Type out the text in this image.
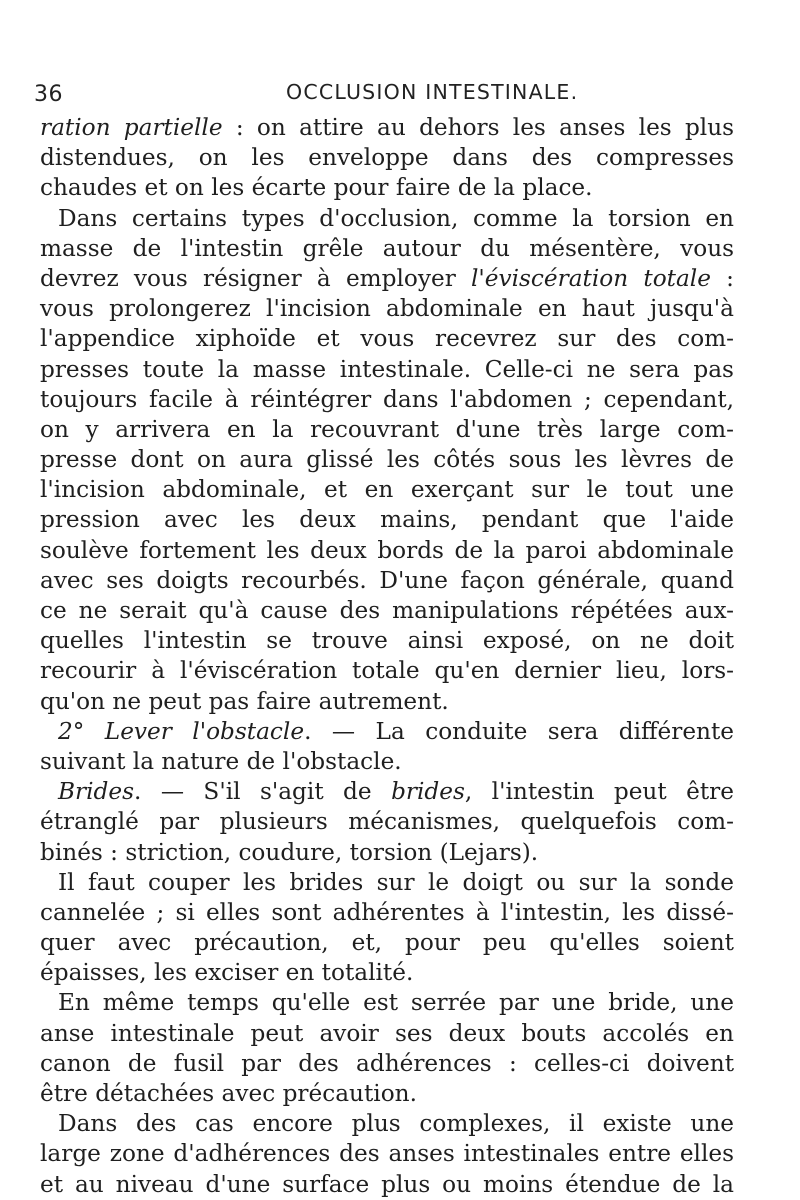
36	OCCLUSION INTESTINALE.
ration partielle : on attire au dehors les anses les plus
distendues, on les enveloppe dans des compresses
chaudes et on les écarte pour faire de la place.
Dans certains types d'occlusion, comme la torsion en
masse de l'intestin grêle autour du mésentère, vous
devrez vous résigner à employer l'éviscération totale :
vous prolongerez l'incision abdominale en haut jusqu'à
l'appendice xiphoïde et vous recevrez sur des com-
presses toute la masse intestinale. Celle-ci ne sera pas
toujours facile à réintégrer dans l'abdomen ; cependant,
on y arrivera en la recouvrant d'une très large com-
presse dont on aura glissé les côtés sous les lèvres de
l'incision abdominale, et en exerçant sur le tout une
pression avec les deux mains, pendant que l'aide
soulève fortement les deux bords de la paroi abdominale
avec ses doigts recourbés. D'une façon générale, quand
ce ne serait qu'à cause des manipulations répétées aux-
quelles l'intestin se trouve ainsi exposé, on ne doit
recourir à l'éviscération totale qu'en dernier lieu, lors-
qu'on ne peut pas faire autrement.
2° Lever l'obstacle. — La conduite sera différente
suivant la nature de l'obstacle.
Brides. — S'il s'agit de brides, l'intestin peut être
étranglé par plusieurs mécanismes, quelquefois com-
binés : striction, coudure, torsion (Lejars).
Il faut couper les brides sur le doigt ou sur la sonde
cannelée ; si elles sont adhérentes à l'intestin, les dissé-
quer avec précaution, et, pour peu qu'elles soient
épaisses, les exciser en totalité.
En même temps qu'elle est serrée par une bride, une
anse intestinale peut avoir ses deux bouts accolés en
canon de fusil par des adhérences : celles-ci doivent
être détachées avec précaution.
Dans des cas encore plus complexes, il existe une
large zone d'adhérences des anses intestinales entre elles
et au niveau d'une surface plus ou moins étendue de la
